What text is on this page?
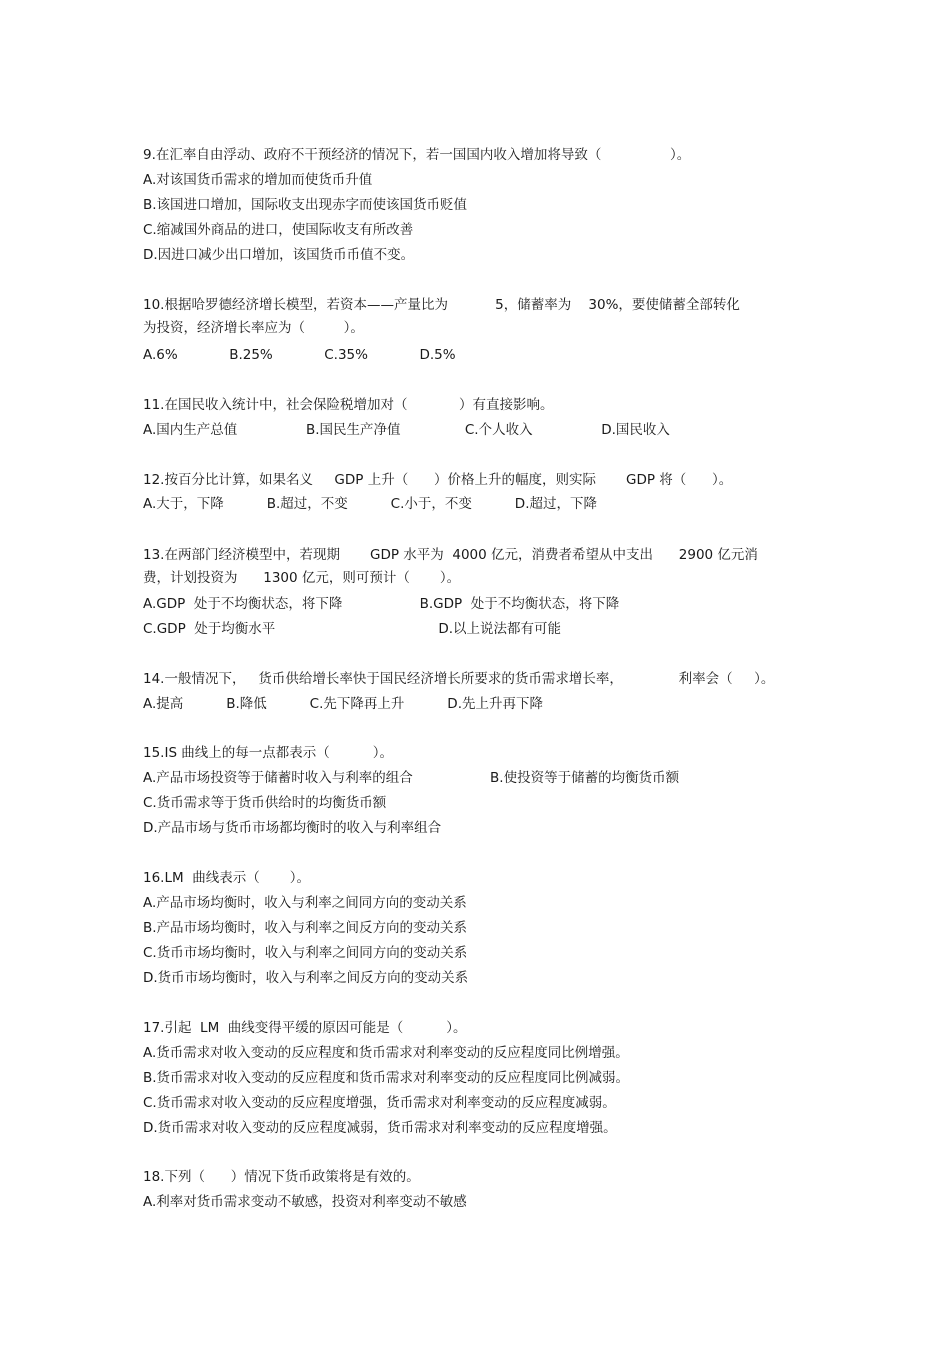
9.在汇率自由浮动、政府不干预经济的情况下，若一国国内收入增加将导致（                ）。
A.对该国货币需求的增加而使货币升值
B.该国进口增加，国际收支出现赤字而使该国货币贬值
C.缩减国外商品的进口，使国际收支有所改善
D.因进口减少出口增加，该国货币币值不变。
10.根据哈罗德经济增长模型，若资本——产量比为           5，储蓄率为    30%，要使储蓄全部转化
为投资，经济增长率应为（         ）。
A.6%            B.25%            C.35%            D.5%
11.在国民收入统计中，社会保险税增加对（            ）有直接影响。
A.国内生产总值                B.国民生产净值               C.个人收入                D.国民收入
12.按百分比计算，如果名义     GDP 上升（      ）价格上升的幅度，则实际       GDP 将（      ）。
A.大于，下降          B.超过，不变          C.小于，不变          D.超过，下降
13.在两部门经济模型中，若现期       GDP 水平为  4000 亿元，消费者希望从中支出      2900 亿元消
费，计划投资为      1300 亿元，则可预计（       ）。
A.GDP  处于不均衡状态，将下降                  B.GDP  处于不均衡状态，将下降
C.GDP  处于均衡水平                                      D.以上说法都有可能
14.一般情况下，   货币供给增长率快于国民经济增长所要求的货币需求增长率，             利率会（     ）。
A.提高          B.降低          C.先下降再上升          D.先上升再下降
15.IS 曲线上的每一点都表示（          ）。
A.产品市场投资等于储蓄时收入与利率的组合                  B.使投资等于储蓄的均衡货币额
C.货币需求等于货币供给时的均衡货币额
D.产品市场与货币市场都均衡时的收入与利率组合
16.LM  曲线表示（       ）。
A.产品市场均衡时，收入与利率之间同方向的变动关系
B.产品市场均衡时，收入与利率之间反方向的变动关系
C.货币市场均衡时，收入与利率之间同方向的变动关系
D.货币市场均衡时，收入与利率之间反方向的变动关系
17.引起  LM  曲线变得平缓的原因可能是（          ）。
A.货币需求对收入变动的反应程度和货币需求对利率变动的反应程度同比例增强。
B.货币需求对收入变动的反应程度和货币需求对利率变动的反应程度同比例减弱。
C.货币需求对收入变动的反应程度增强，货币需求对利率变动的反应程度减弱。
D.货币需求对收入变动的反应程度减弱，货币需求对利率变动的反应程度增强。
18.下列（      ）情况下货币政策将是有效的。
A.利率对货币需求变动不敏感，投资对利率变动不敏感
